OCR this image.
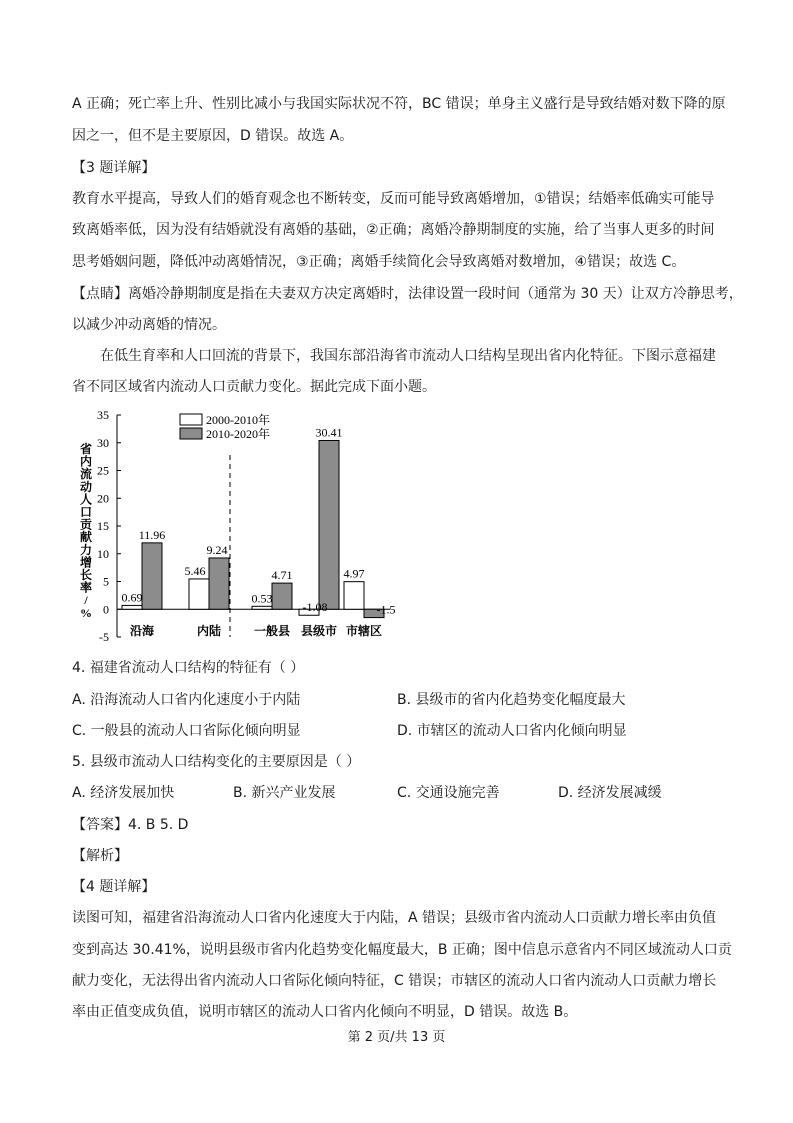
A 正确；死亡率上升、性别比减小与我国实际状况不符，BC 错误；单身主义盛行是导致结婚对数下降的原
因之一，但不是主要原因，D 错误。故选 A。
【3 题详解】
教育水平提高，导致人们的婚育观念也不断转变，反而可能导致离婚增加，①错误；结婚率低确实可能导
致离婚率低，因为没有结婚就没有离婚的基础，②正确；离婚冷静期制度的实施，给了当事人更多的时间
思考婚姻问题，降低冲动离婚情况，③正确；离婚手续简化会导致离婚对数增加，④错误；故选 C。
【点睛】离婚冷静期制度是指在夫妻双方决定离婚时，法律设置一段时间（通常为 30 天）让双方冷静思考，
以减少冲动离婚的情况。
在低生育率和人口回流的背景下，我国东部沿海省市流动人口结构呈现出省内化特征。下图示意福建
省不同区域省内流动人口贡献力变化。据此完成下面小题。
35
30
25
20
15
10
5
0
-5
省内流动人口贡献力增长率/ %
0.69
11.96
沿海
5.46
9.24
内陆
0.53
4.71
一般县
-1.08
30.41
县级市
4.97
-1.5
市辖区
2000-2010年
2010-2020年
4. 福建省流动人口结构的特征有（ ）
A. 沿海流动人口省内化速度小于内陆	B. 县级市的省内化趋势变化幅度最大
C. 一般县的流动人口省际化倾向明显	D. 市辖区的流动人口省内化倾向明显
5. 县级市流动人口结构变化的主要原因是（ ）
A. 经济发展加快	B. 新兴产业发展	C. 交通设施完善	D. 经济发展减缓
【答案】4. B 5. D
【解析】
【4 题详解】
读图可知，福建省沿海流动人口省内化速度大于内陆，A 错误；县级市省内流动人口贡献力增长率由负值
变到高达 30.41%，说明县级市省内化趋势变化幅度最大，B 正确；图中信息示意省内不同区域流动人口贡
献力变化，无法得出省内流动人口省际化倾向特征，C 错误；市辖区的流动人口省内流动人口贡献力增长
率由正值变成负值，说明市辖区的流动人口省内化倾向不明显，D 错误。故选 B。
第 2 页/共 13 页
